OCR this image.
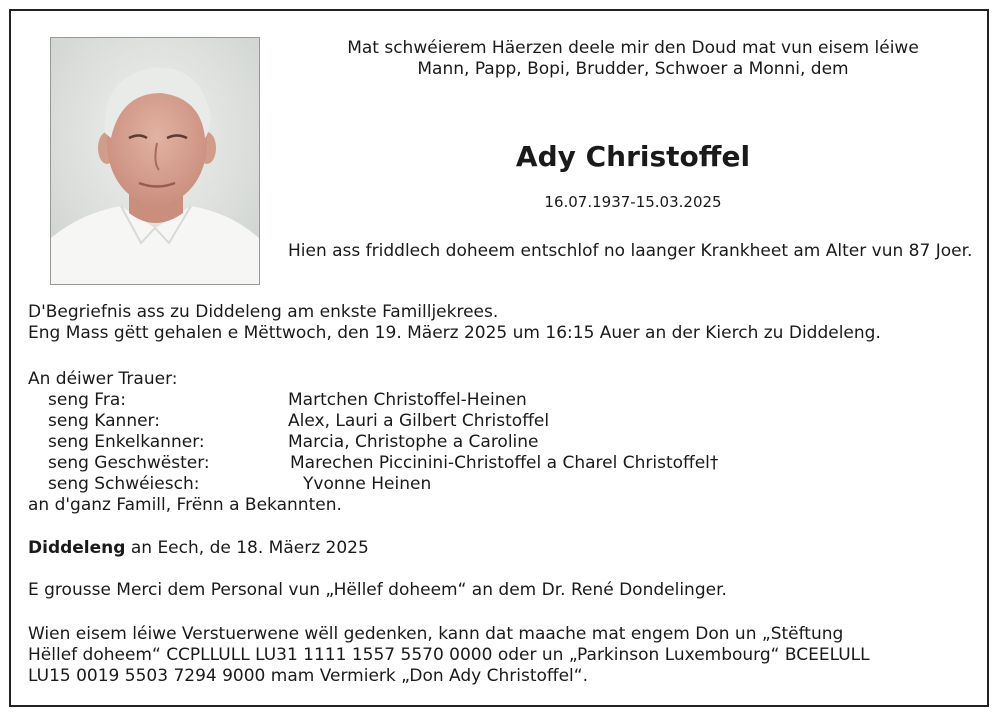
Mat schwéierem Häerzen deele mir den Doud mat vun eisem léiwe
Mann, Papp, Bopi, Brudder, Schwoer a Monni, dem
Ady Christoffel
16.07.1937-15.03.2025
Hien ass friddlech doheem entschlof no laanger Krankheet am Alter vun 87 Joer.
D'Begriefnis ass zu Diddeleng am enkste Familljekrees.
Eng Mass gëtt gehalen e Mëttwoch, den 19. Mäerz 2025 um 16:15 Auer an der Kierch zu Diddeleng.
An déiwer Trauer:
seng Fra:	Martchen Christoffel-Heinen
seng Kanner:	Alex, Lauri a Gilbert Christoffel
seng Enkelkanner:	Marcia, Christophe a Caroline
seng Geschwëster:	Marechen Piccinini-Christoffel a Charel Christoffel†
seng Schwéiesch:	Yvonne Heinen
an d'ganz Famill, Frënn a Bekannten.
Diddeleng an Eech, de 18. Mäerz 2025
E grousse Merci dem Personal vun „Hëllef doheem“ an dem Dr. René Dondelinger.
Wien eisem léiwe Verstuerwene wëll gedenken, kann dat maache mat engem Don un „Stëftung
Hëllef doheem“ CCPLLULL LU31 1111 1557 5570 0000 oder un „Parkinson Luxembourg“ BCEELULL
LU15 0019 5503 7294 9000 mam Vermierk „Don Ady Christoffel“.
